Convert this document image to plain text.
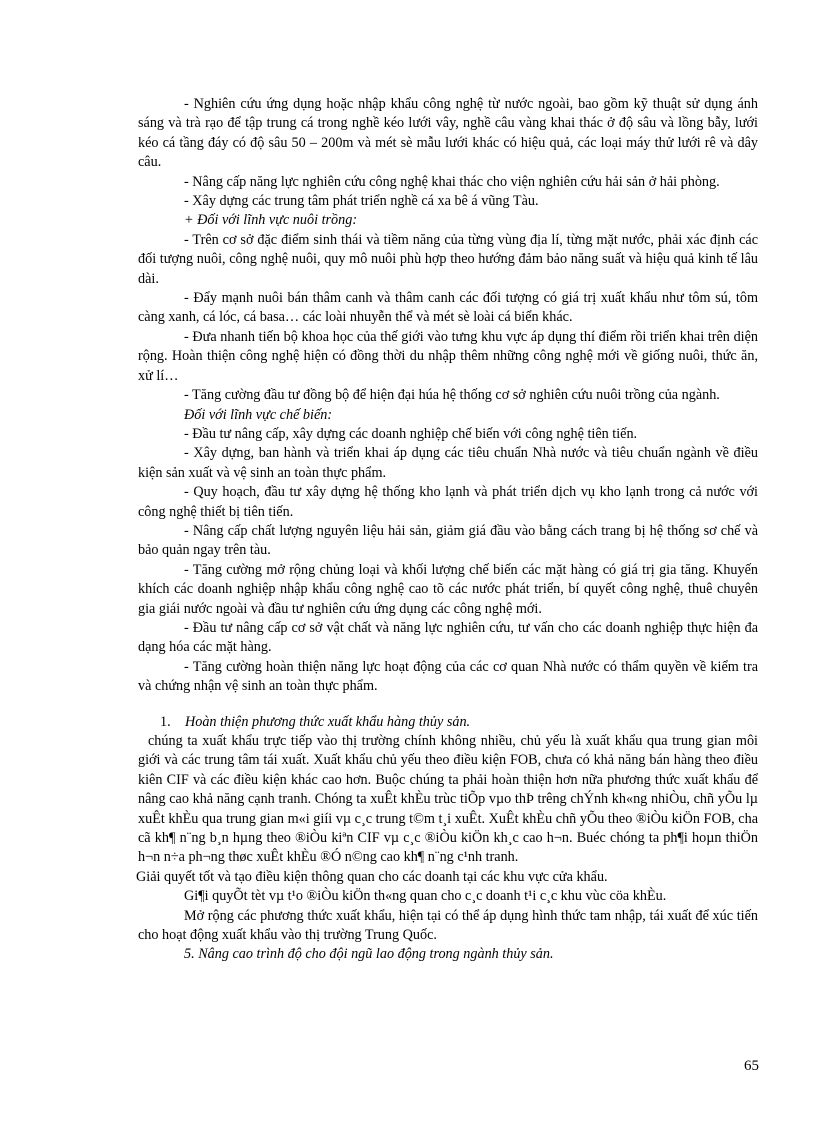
- Nghiên cứu ứng dụng hoặc nhập khẩu công nghệ từ nước ngoài, bao gồm kỹ thuật sử dụng ánh sáng và trà rạo để tập trung cá trong nghề kéo lưới vây, nghề câu vàng khai thác ở độ sâu và lồng bẫy, lưới kéo cá tầng đáy có độ sâu 50 – 200m và mét sè mẫu lưới khác có hiệu quả, các loại máy thử lưới rê và dây câu.

- Nâng cấp năng lực nghiên cứu công nghệ khai thác cho viện nghiên cứu hải sản ở hải phòng.

- Xây dựng các trung tâm phát triển nghề cá xa bê á vũng Tàu.

+ Đối với lĩnh vực nuôi trồng:

- Trên cơ sở đặc điểm sinh thái và tiềm năng của từng vùng địa lí, từng mặt nước, phải xác định các đối tượng nuôi, công nghệ nuôi, quy mô nuôi phù hợp theo hướng đảm bảo năng suất và hiệu quả kinh tế lâu dài.

- Đẩy mạnh nuôi bán thâm canh và thâm canh các đối tượng có giá trị xuất khẩu như tôm sú, tôm càng xanh, cá lóc, cá basa… các loài nhuyễn thể và mét sè loài cá biển khác.

- Đưa nhanh tiến bộ khoa học của thế giới vào tưng khu vực áp dụng thí điểm rồi triển khai trên diện rộng. Hoàn thiện công nghệ hiện có đồng thời du nhập thêm những công nghệ mới về giống nuôi, thức ăn, xử lí…

- Tăng cường đầu tư đồng bộ để hiện đại húa hệ thống cơ sở nghiên cứu nuôi trồng của ngành.

Đối với lĩnh vực chế biến:

- Đầu tư nâng cấp, xây dựng các doanh nghiệp chế biến với công nghệ tiên tiến.

- Xây dựng, ban hành và triển khai áp dụng các tiêu chuẩn Nhà nước và tiêu chuẩn ngành về điều kiện sản xuất và vệ sinh an toàn thực phẩm.

- Quy hoạch, đầu tư xây dựng hệ thống kho lạnh và phát triển dịch vụ kho lạnh trong cả nước với công nghệ thiết bị tiên tiến.

- Nâng cấp chất lượng nguyên liệu hải sản, giảm giá đầu vào bằng cách trang bị hệ thống sơ chế và bảo quản ngay trên tàu.

- Tăng cường mở rộng chủng loại và khối lượng chế biến các mặt hàng có giá trị gia tăng. Khuyến khích các doanh nghiệp nhập khẩu công nghệ cao tõ các nước phát triển, bí quyết công nghệ, thuê chuyên gia giái nước ngoài và đầu tư nghiên cứu ứng dụng các công nghệ mới.

- Đầu tư nâng cấp cơ sở vật chất và năng lực nghiên cứu, tư vấn cho các doanh nghiệp thực hiện đa dạng hóa các mặt hàng.

- Tăng cường hoàn thiện năng lực hoạt động của các cơ quan Nhà nước có thẩm quyền về kiểm tra và chứng nhận vệ sinh an toàn thực phẩm.

1. Hoàn thiện phương thức xuất khẩu hàng thủy sản.

chúng ta xuất khẩu trực tiếp vào thị trường chính không nhiều, chủ yếu là xuất khẩu qua trung gian môi giới và các trung tâm tái xuất. Xuất khẩu chủ yếu theo điều kiện FOB, chưa có khả năng bán hàng theo điều kiên CIF và các điều kiện khác cao hơn. Buộc chúng ta phải hoàn thiện hơn nữa phương thức xuất khẩu để nâng cao khả năng cạnh tranh. Chóng ta xuÊt khÈu trùc tiÕp vµo thÞ trêng chÝnh kh«ng nhiÒu, chñ yÕu lµ xuÊt khÈu qua trung gian m«i giíi vµ c¸c trung t©m t¸i xuÊt. XuÊt khÈu chñ yÕu theo ®iÒu kiÖn FOB, cha cã kh¶ n¨ng b¸n hµng theo ®iÒu kiªn CIF vµ c¸c ®iÒu kiÖn kh¸c cao h¬n. Buéc chóng ta ph¶i hoµn thiÖn h¬n n÷a ph¬ng thøc xuÊt khÈu ®Ó n©ng cao kh¶ n¨ng c¹nh tranh.

Giải quyết tốt và tạo điều kiện thông quan cho các doanh tại các khu vực cửa khẩu.

Gi¶i quyÕt tèt vµ t¹o ®iÒu kiÖn th«ng quan cho c¸c doanh t¹i c¸c khu vùc cöa khÈu.

Mở rộng các phương thức xuất khẩu, hiện tại có thể áp dụng hình thức tam nhập, tái xuất để xúc tiến cho hoạt động xuất khẩu vào thị trường Trung Quốc.

5. Nâng cao trình độ cho đội ngũ lao động trong ngành thủy sản.

65
